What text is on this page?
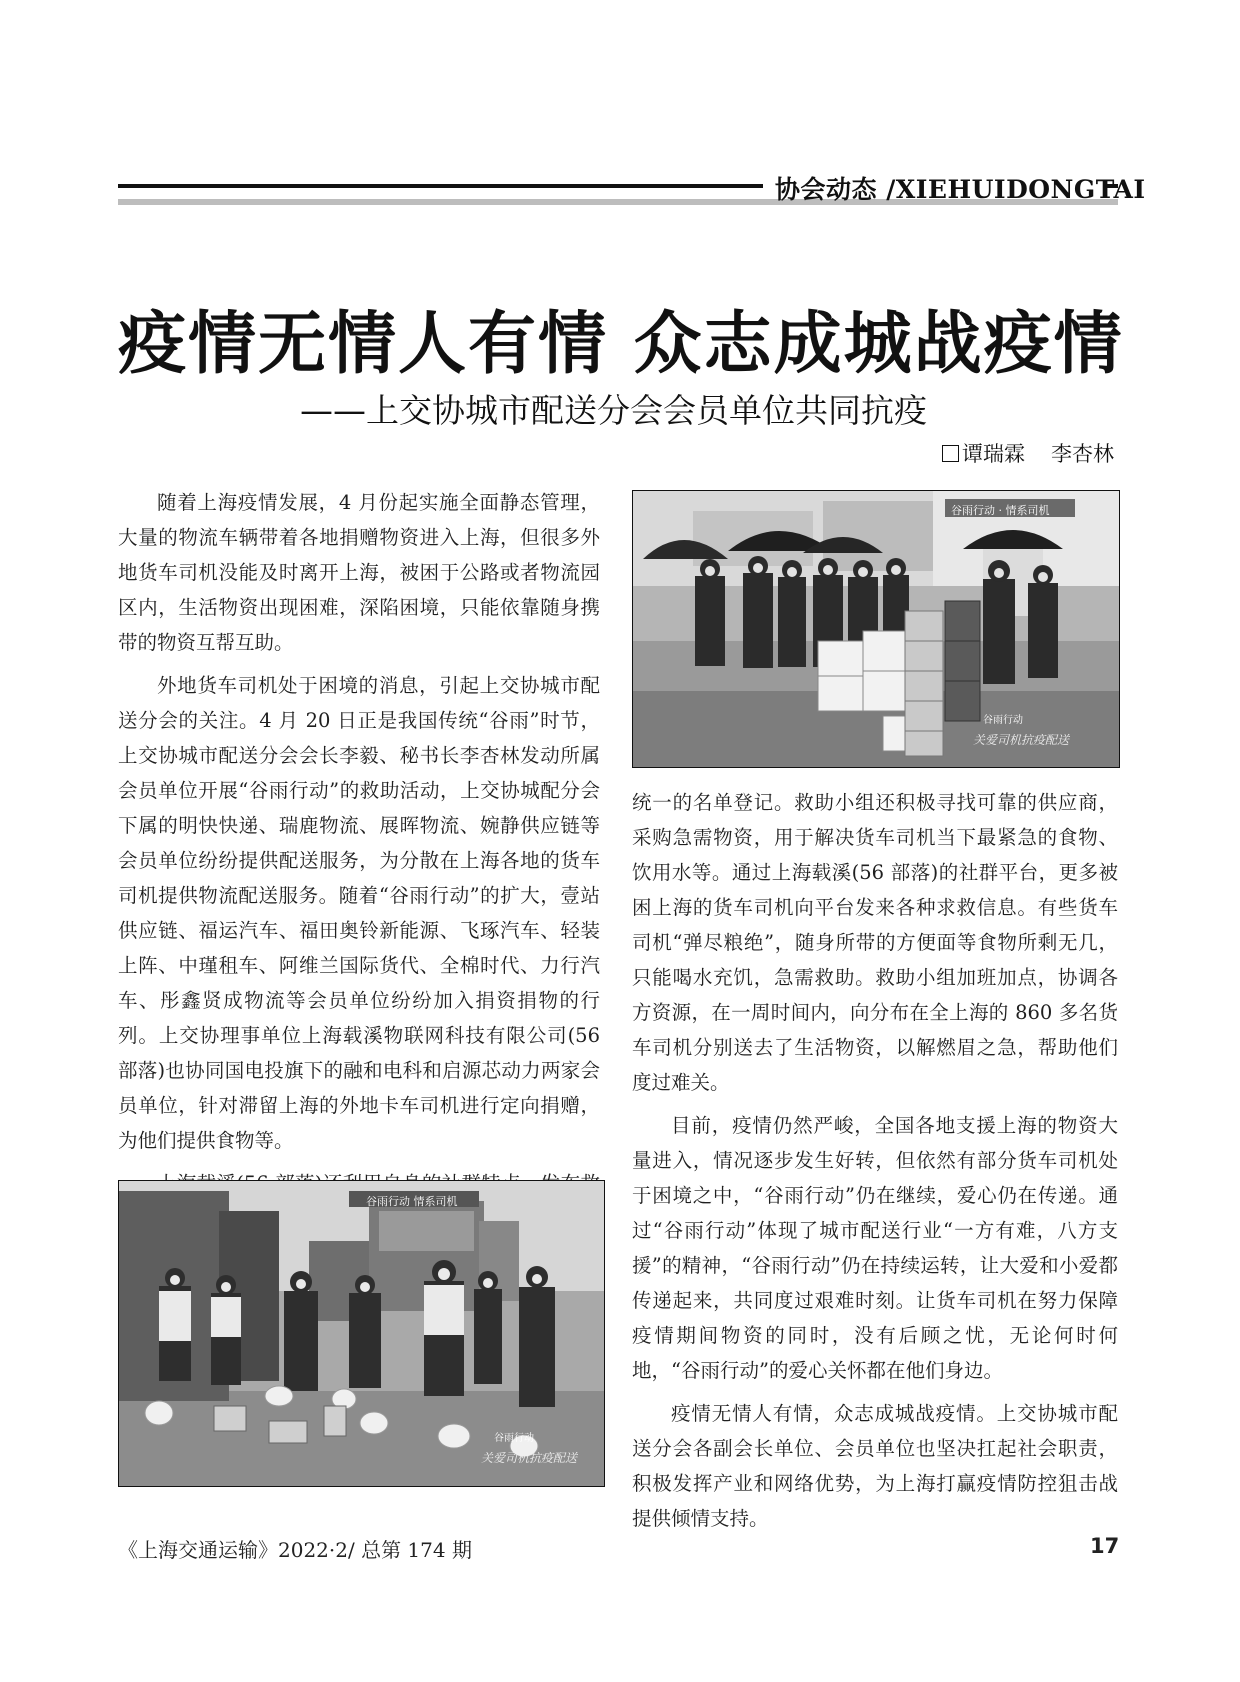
协会动态 /XIEHUIDONGTAI
疫情无情人有情 众志成城战疫情
——上交协城市配送分会会员单位共同抗疫
谭瑞霖 李杏林

随着上海疫情发展，4 月份起实施全面静态管理，大量的物流车辆带着各地捐赠物资进入上海，但很多外地货车司机没能及时离开上海，被困于公路或者物流园区内，生活物资出现困难，深陷困境，只能依靠随身携带的物资互帮互助。

外地货车司机处于困境的消息，引起上交协城市配送分会的关注。4 月 20 日正是我国传统“谷雨”时节，上交协城市配送分会会长李毅、秘书长李杏林发动所属会员单位开展“谷雨行动”的救助活动，上交协城配分会下属的明快快递、瑞鹿物流、展晖物流、婉静供应链等会员单位纷纷提供配送服务，为分散在上海各地的货车司机提供物流配送服务。随着“谷雨行动”的扩大，壹站供应链、福运汽车、福田奥铃新能源、飞琢汽车、轻装上阵、中瑾租车、阿维兰国际货代、全棉时代、力行汽车、彤鑫贤成物流等会员单位纷纷加入捐资捐物的行列。上交协理事单位上海载溪物联网科技有限公司(56 部落)也协同国电投旗下的融和电科和启源芯动力两家会员单位，针对滞留上海的外地卡车司机进行定向捐赠，为他们提供食物等。

统一的名单登记。救助小组还积极寻找可靠的供应商，采购急需物资，用于解决货车司机当下最紧急的食物、饮用水等。通过上海载溪(56 部落)的社群平台，更多被困上海的货车司机向平台发来各种求救信息。有些货车司机“弹尽粮绝”，随身所带的方便面等食物所剩无几，只能喝水充饥，急需救助。救助小组加班加点，协调各方资源，在一周时间内，向分布在全上海的 860 多名货车司机分别送去了生活物资，以解燃眉之急，帮助他们度过难关。

目前，疫情仍然严峻，全国各地支援上海的物资大量进入，情况逐步发生好转，但依然有部分货车司机处于困境之中，“谷雨行动”仍在继续，爱心仍在传递。通过“谷雨行动”体现了城市配送行业“一方有难，八方支援”的精神，“谷雨行动”仍在持续运转，让大爱和小爱都传递起来，共同度过艰难时刻。让货车司机在努力保障疫情期间物资的同时，没有后顾之忧，无论何时何地，“谷雨行动”的爱心关怀都在他们身边。

疫情无情人有情，众志成城战疫情。上交协城市配送分会各副会长单位、会员单位也坚决扛起社会职责，积极发挥产业和网络优势，为上海打赢疫情防控狙击战提供倾情支持。

谷雨行动 · 情系司机
谷雨行动
关爱司机抗疫配送
谷雨行动 情系司机
谷雨行动
关爱司机抗疫配送
《上海交通运输》2022·2/ 总第 174 期	17
